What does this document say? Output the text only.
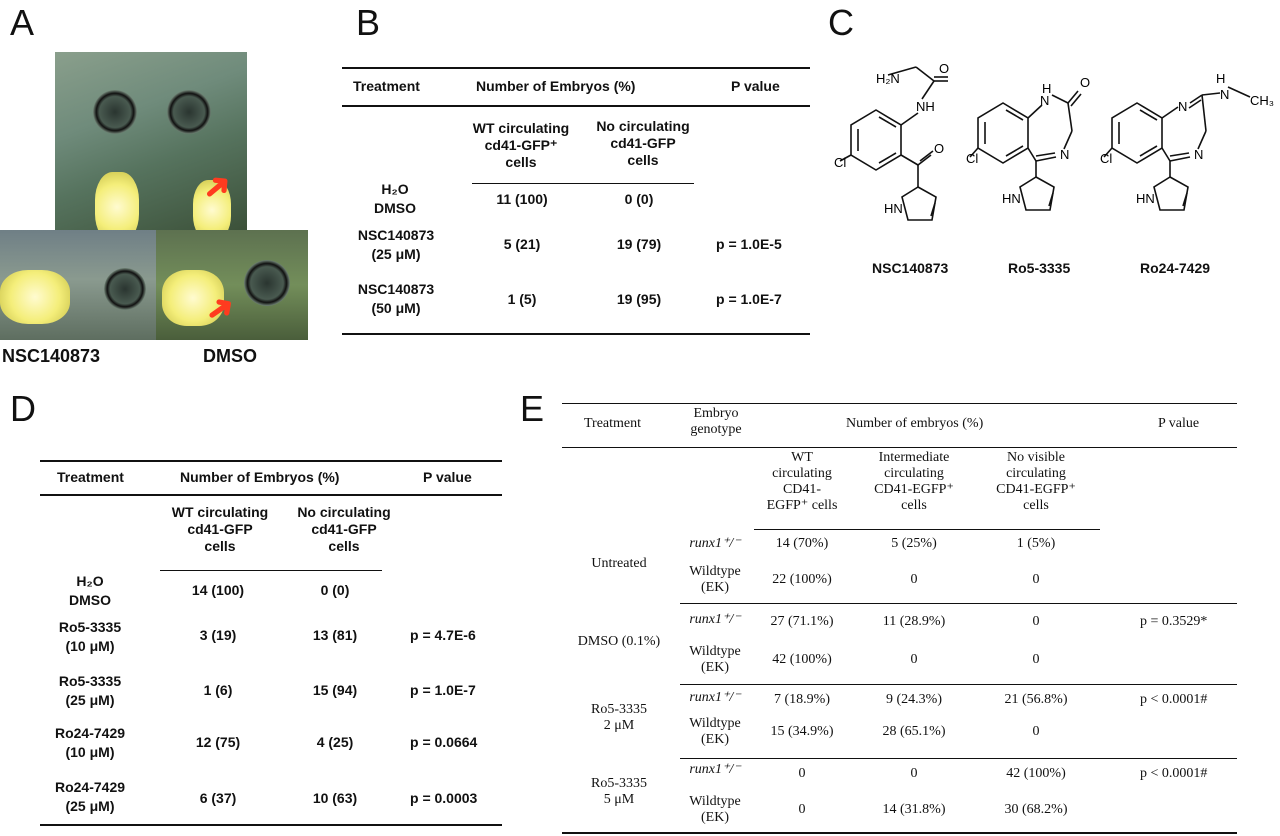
A
➜
➜
NSC140873	DMSO
B
Treatment	Number of Embryos (%)	P value
WT circulating
cd41-GFP⁺
cells
No circulating
cd41-GFP
cells
H₂O
DMSO
11 (100)	0 (0)
NSC140873
(25 μM)
5 (21)	19 (79)	p = 1.0E-5
NSC140873
(50 μM)
1 (5)	19 (95)	p = 1.0E-7
C
H₂N
O
NH
O
Cl
HN
H
N
O
N
Cl
HN
N
H
N CH₃
N
Cl
HN
NSC140873	Ro5-3335	Ro24-7429
D
Treatment	Number of Embryos (%)	P value
WT circulating
cd41-GFP
cells
No circulating
cd41-GFP
cells
H₂O
DMSO
14 (100)	0 (0)
Ro5-3335
(10 μM)
3 (19)	13 (81)	p = 4.7E-6
Ro5-3335
(25 μM)
1 (6)	15 (94)	p = 1.0E-7
Ro24-7429
(10 μM)
12 (75)	4 (25)	p = 0.0664
Ro24-7429
(25 μM)	6 (37)	10 (63)	p = 0.0003
E	Treatment
Embryo
genotype	Number of embryos (%)	P value
WT
circulating
CD41-
EGFP⁺ cells
Intermediate
circulating
CD41-EGFP⁺
cells
No visible
circulating
CD41-EGFP⁺
cells
Untreated
runx1⁺/⁻	14 (70%)	5 (25%)	1 (5%)
Wildtype
(EK)
22 (100%)	0	0
DMSO (0.1%)
runx1⁺/⁻	27 (71.1%)	11 (28.9%)	0	p = 0.3529*
Wildtype
(EK)
42 (100%)	0	0
Ro5-3335
2 μM
runx1⁺/⁻	7 (18.9%)	9 (24.3%)	21 (56.8%)	p < 0.0001#
Wildtype
(EK)
15 (34.9%)	28 (65.1%)	0
Ro5-3335
5 μM
runx1⁺/⁻	0	0	42 (100%)	p < 0.0001#
Wildtype
(EK)
0	14 (31.8%)	30 (68.2%)
